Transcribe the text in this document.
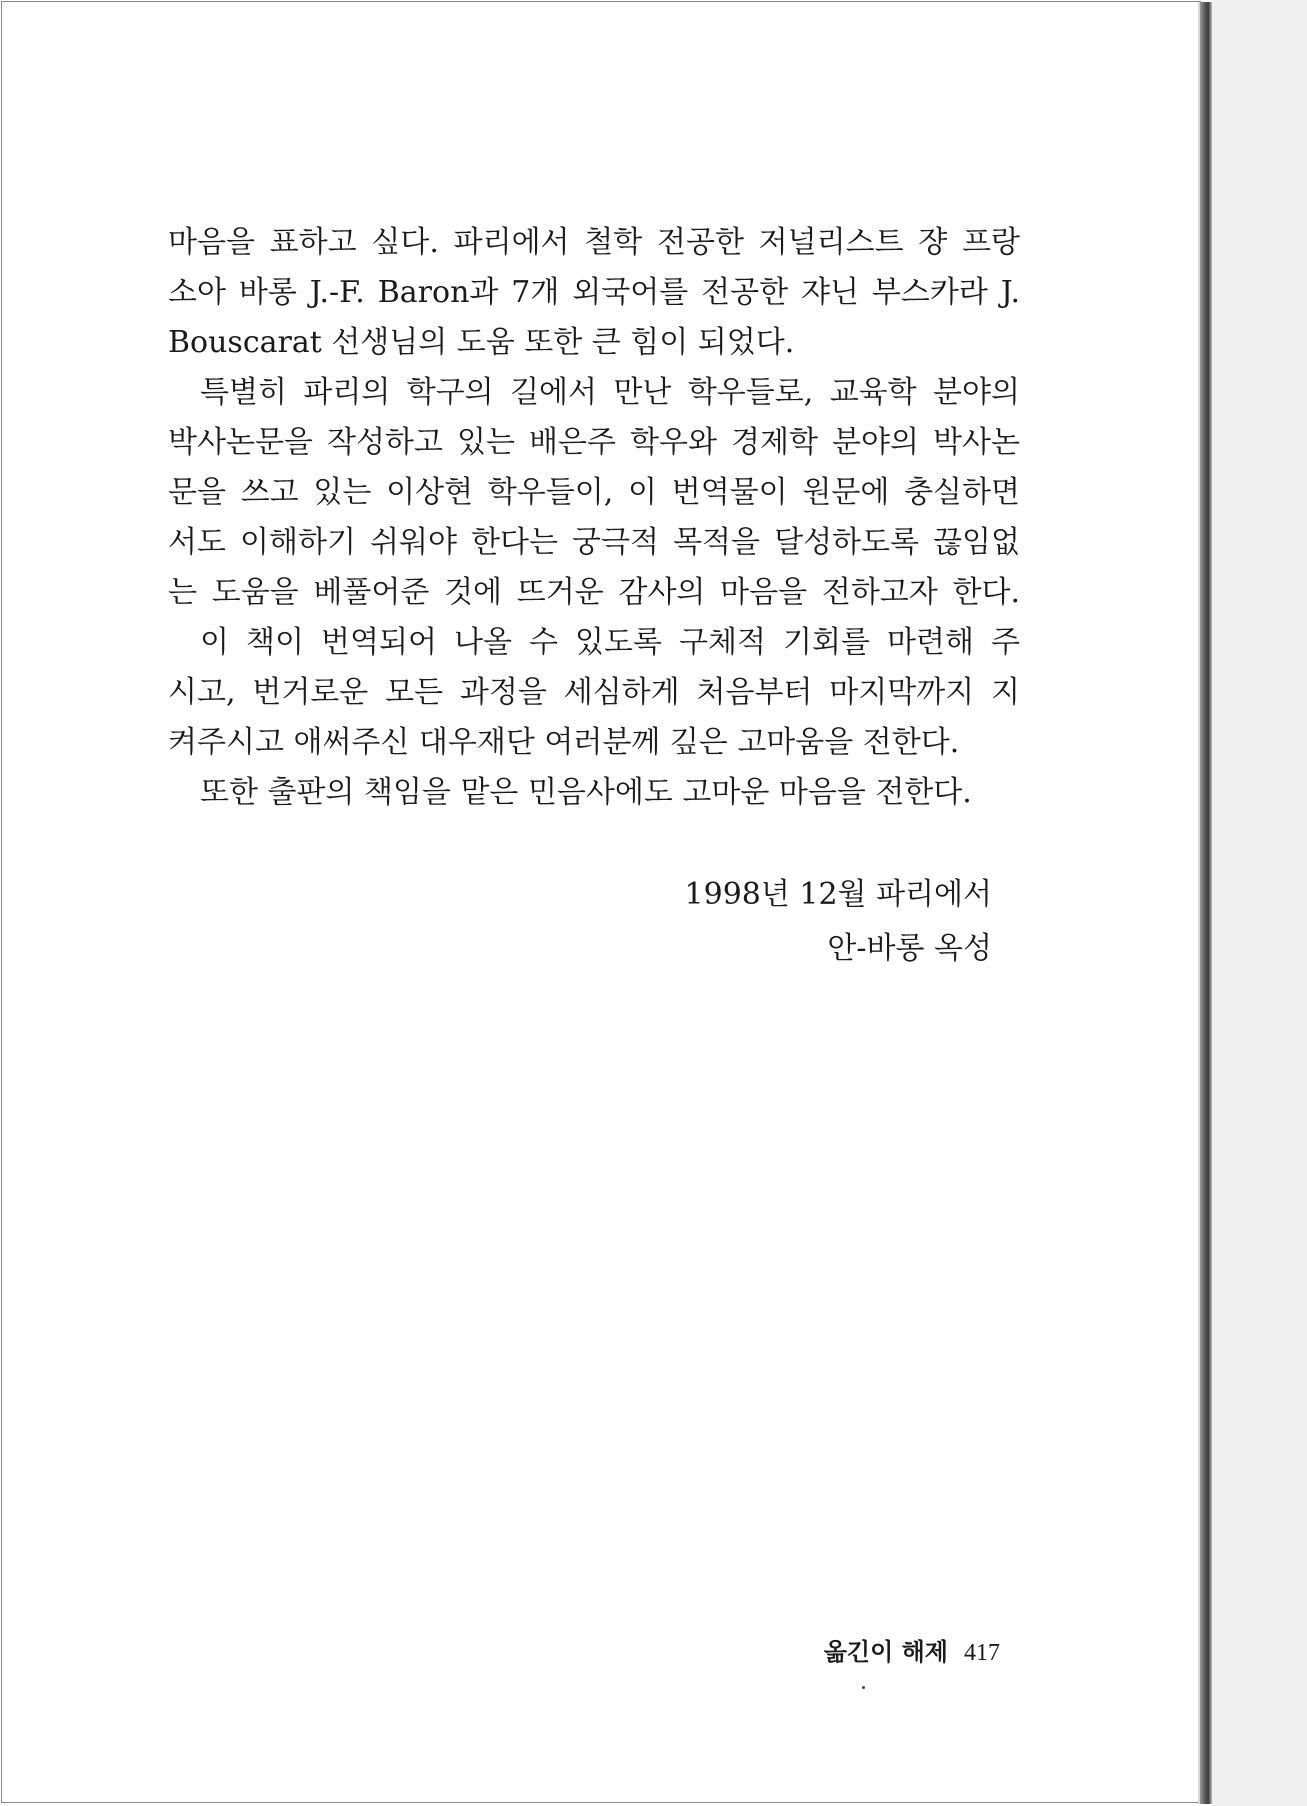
마음을 표하고 싶다. 파리에서 철학 전공한 저널리스트 쟝 프랑
소아 바롱 J.-F. Baron과 7개 외국어를 전공한 쟈닌 부스카라 J.
Bouscarat 선생님의 도움 또한 큰 힘이 되었다.
특별히 파리의 학구의 길에서 만난 학우들로, 교육학 분야의
박사논문을 작성하고 있는 배은주 학우와 경제학 분야의 박사논
문을 쓰고 있는 이상현 학우들이, 이 번역물이 원문에 충실하면
서도 이해하기 쉬워야 한다는 궁극적 목적을 달성하도록 끊임없
는 도움을 베풀어준 것에 뜨거운 감사의 마음을 전하고자 한다.
이 책이 번역되어 나올 수 있도록 구체적 기회를 마련해 주
시고, 번거로운 모든 과정을 세심하게 처음부터 마지막까지 지
켜주시고 애써주신 대우재단 여러분께 깊은 고마움을 전한다.
또한 출판의 책임을 맡은 민음사에도 고마운 마음을 전한다.
1998년 12월 파리에서
안-바롱 옥성
옮긴이 해제 417
